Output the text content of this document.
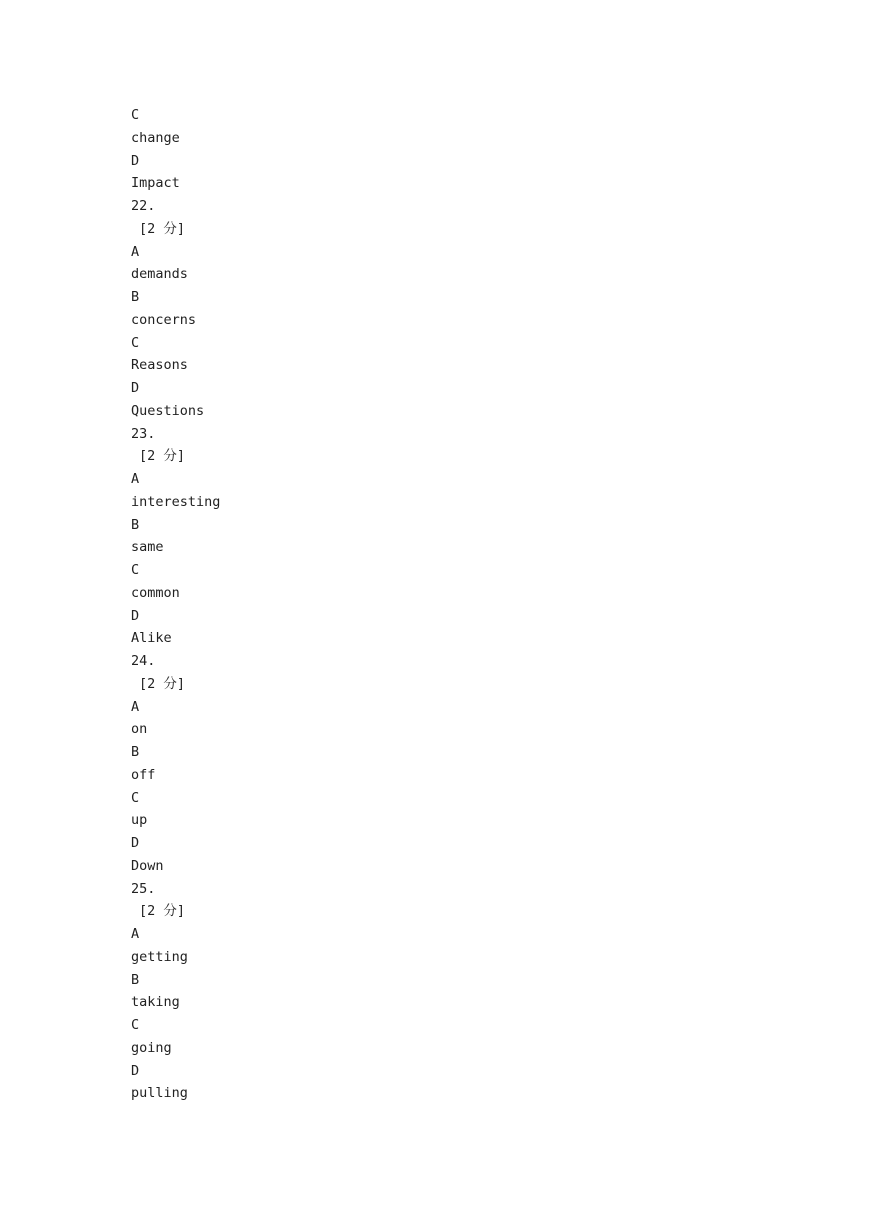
C
change
D
Impact
22.
[2 分]
A
demands
B
concerns
C
Reasons
D
Questions
23.
[2 分]
A
interesting
B
same
C
common
D
Alike
24.
[2 分]
A
on
B
off
C
up
D
Down
25.
[2 分]
A
getting
B
taking
C
going
D
pulling
